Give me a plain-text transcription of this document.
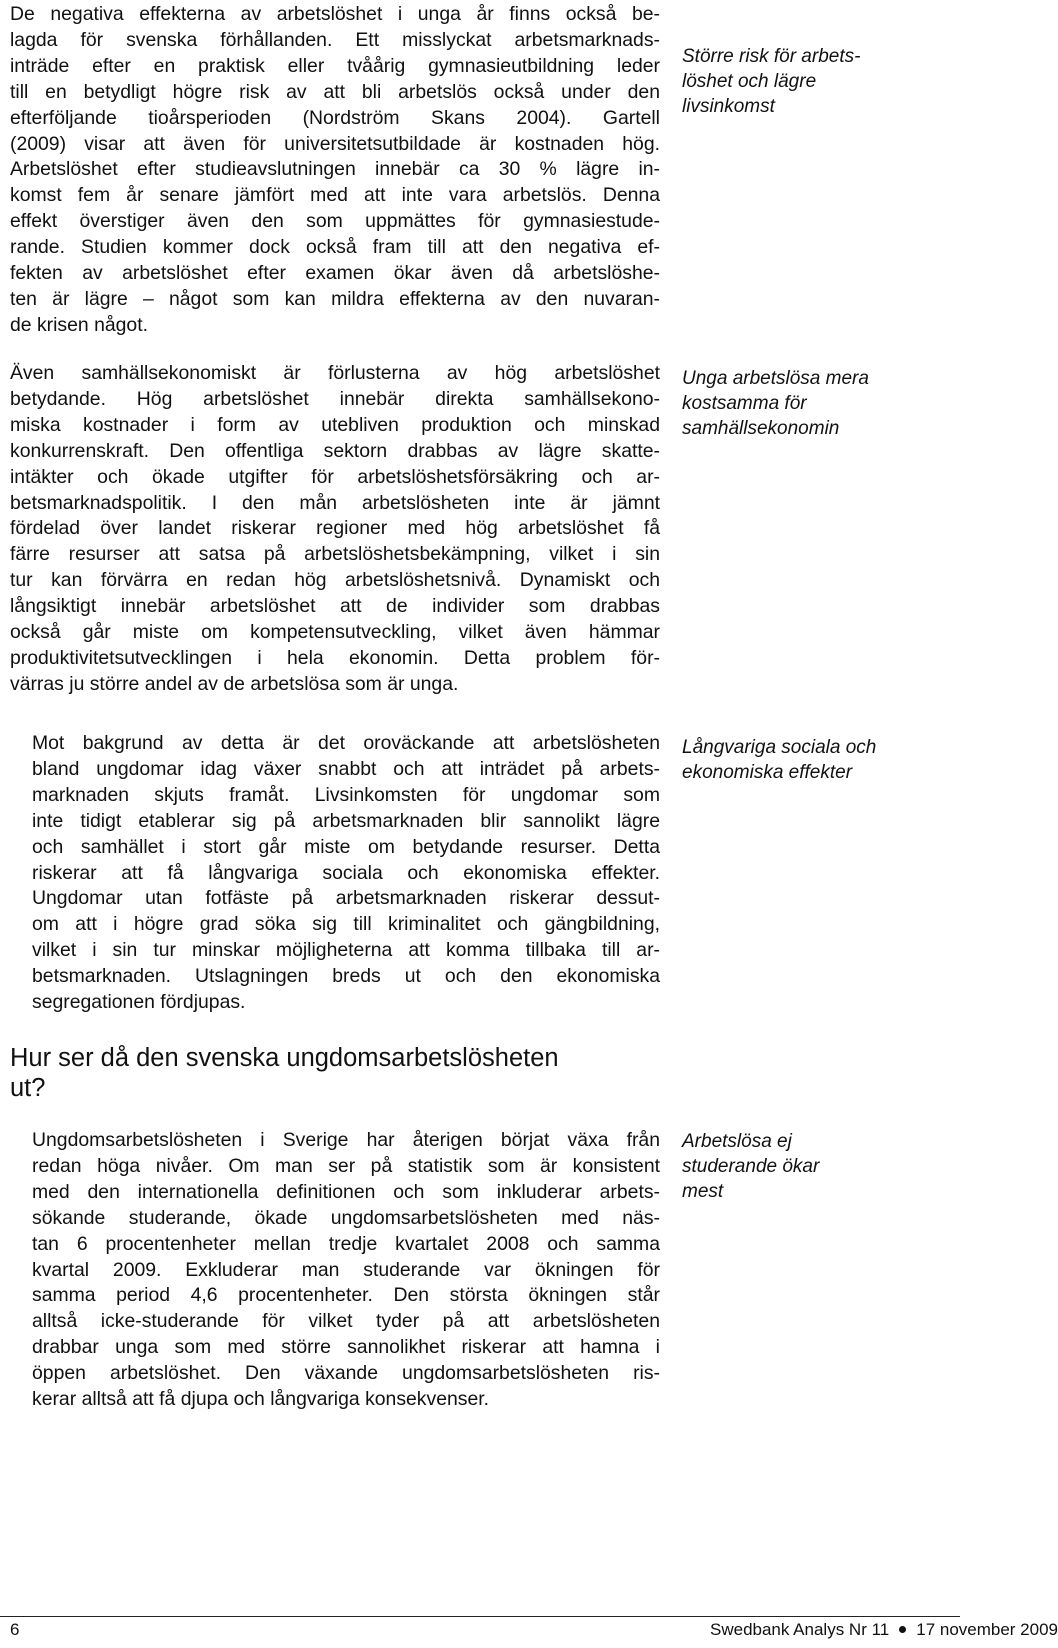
De negativa effekterna av arbetslöshet i unga år finns också be-
lagda för svenska förhållanden. Ett misslyckat arbetsmarknads-
inträde efter en praktisk eller tvåårig gymnasieutbildning leder
till en betydligt högre risk av att bli arbetslös också under den
efterföljande tioårsperioden (Nordström Skans 2004). Gartell
(2009) visar att även för universitetsutbildade är kostnaden hög.
Arbetslöshet efter studieavslutningen innebär ca 30 % lägre in-
komst fem år senare jämfört med att inte vara arbetslös. Denna
effekt överstiger även den som uppmättes för gymnasiestude-
rande. Studien kommer dock också fram till att den negativa ef-
fekten av arbetslöshet efter examen ökar även då arbetslöshe-
ten är lägre – något som kan mildra effekterna av den nuvaran-
de krisen något.

Även samhällsekonomiskt är förlusterna av hög arbetslöshet
betydande. Hög arbetslöshet innebär direkta samhällsekono-
miska kostnader i form av utebliven produktion och minskad
konkurrenskraft. Den offentliga sektorn drabbas av lägre skatte-
intäkter och ökade utgifter för arbetslöshetsförsäkring och ar-
betsmarknadspolitik. I den mån arbetslösheten inte är jämnt
fördelad över landet riskerar regioner med hög arbetslöshet få
färre resurser att satsa på arbetslöshetsbekämpning, vilket i sin
tur kan förvärra en redan hög arbetslöshetsnivå. Dynamiskt och
långsiktigt innebär arbetslöshet att de individer som drabbas
också går miste om kompetensutveckling, vilket även hämmar
produktivitetsutvecklingen i hela ekonomin. Detta problem för-
värras ju större andel av de arbetslösa som är unga.

Mot bakgrund av detta är det oroväckande att arbetslösheten
bland ungdomar idag växer snabbt och att inträdet på arbets-
marknaden skjuts framåt. Livsinkomsten för ungdomar som
inte tidigt etablerar sig på arbetsmarknaden blir sannolikt lägre
och samhället i stort går miste om betydande resurser. Detta
riskerar att få långvariga sociala och ekonomiska effekter.
Ungdomar utan fotfäste på arbetsmarknaden riskerar dessut-
om att i högre grad söka sig till kriminalitet och gängbildning,
vilket i sin tur minskar möjligheterna att komma tillbaka till ar-
betsmarknaden. Utslagningen breds ut och den ekonomiska
segregationen fördjupas.

Hur ser då den svenska ungdomsarbetslösheten
ut?

Ungdomsarbetslösheten i Sverige har återigen börjat växa från
redan höga nivåer. Om man ser på statistik som är konsistent
med den internationella definitionen och som inkluderar arbets-
sökande studerande, ökade ungdomsarbetslösheten med näs-
tan 6 procentenheter mellan tredje kvartalet 2008 och samma
kvartal 2009. Exkluderar man studerande var ökningen för
samma period 4,6 procentenheter. Den största ökningen står
alltså icke-studerande för vilket tyder på att arbetslösheten
drabbar unga som med större sannolikhet riskerar att hamna i
öppen arbetslöshet. Den växande ungdomsarbetslösheten ris-
kerar alltså att få djupa och långvariga konsekvenser.

Större risk för arbets-
löshet och lägre
livsinkomst

Unga arbetslösa mera
kostsamma för
samhällsekonomin

Långvariga sociala och
ekonomiska effekter

Arbetslösa ej
studerande ökar
mest

6	Swedbank Analys Nr 11 17 november 2009
